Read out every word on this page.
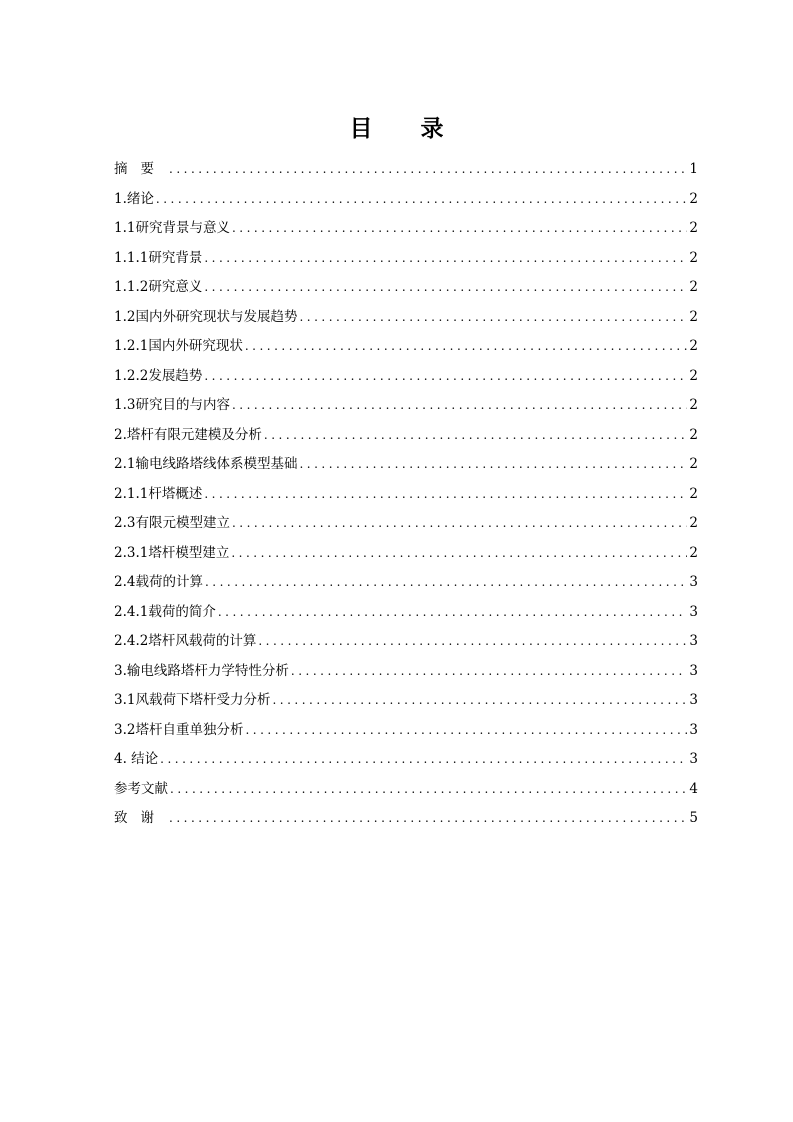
目 录
摘要 .....	1
1.绪论 .....	2
1.1研究背景与意义 .....	2
1.1.1研究背景 .....	2
1.1.2研究意义 .....	2
1.2国内外研究现状与发展趋势 .....	2
1.2.1国内外研究现状 .....	2
1.2.2发展趋势 .....	2
1.3研究目的与内容 .....	2
2.塔杆有限元建模及分析 .....	2
2.1输电线路塔线体系模型基础 .....	2
2.1.1杆塔概述 .....	2
2.3有限元模型建立 .....	2
2.3.1塔杆模型建立 .....	2
2.4载荷的计算 .....	3
2.4.1载荷的简介 .....	3
2.4.2塔杆风载荷的计算 .....	3
3.输电线路塔杆力学特性分析 .....	3
3.1风载荷下塔杆受力分析 .....	3
3.2塔杆自重单独分析 .....	3
4. 结论 .....	3
参考文献 .....	4
致谢 .....	5
